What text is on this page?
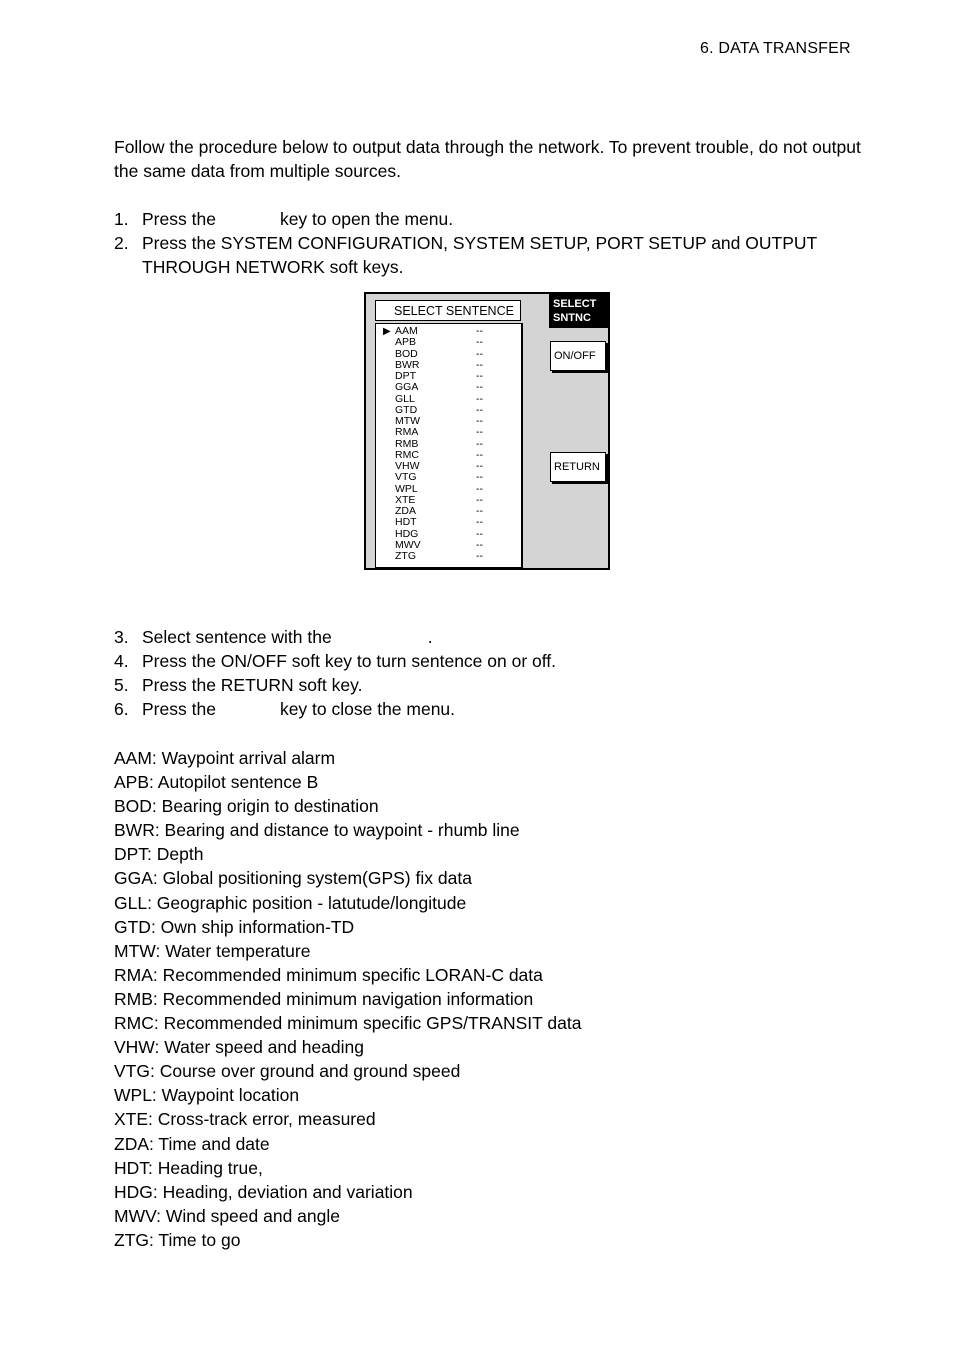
6. DATA TRANSFER
Follow the procedure below to output data through the network. To prevent trouble, do not output the same data from multiple sources.
1. Press the	key to open the menu.
2. Press the SYSTEM CONFIGURATION, SYSTEM SETUP, PORT SETUP and OUTPUT
THROUGH NETWORK soft keys.
SELECT SENTENCE
▶ AAM	--
APB	--
BOD	--
BWR	--
DPT	--
GGA	--
GLL	--
GTD	--
MTW	--
RMA	--
RMB	--
RMC	--
VHW	--
VTG	--
WPL	--
XTE	--
ZDA	--
HDT	--
HDG	--
MWV	--
ZTG	--
SELECT
SNTNC
ON/OFF
RETURN
3. Select sentence with the	.
4. Press the ON/OFF soft key to turn sentence on or off.
5. Press the RETURN soft key.
6. Press the	key to close the menu.
AAM: Waypoint arrival alarm
APB: Autopilot sentence B
BOD: Bearing origin to destination
BWR: Bearing and distance to waypoint - rhumb line
DPT: Depth
GGA: Global positioning system(GPS) fix data
GLL: Geographic position - latutude/longitude
GTD: Own ship information-TD
MTW: Water temperature
RMA: Recommended minimum specific LORAN-C data
RMB: Recommended minimum navigation information
RMC: Recommended minimum specific GPS/TRANSIT data
VHW: Water speed and heading
VTG: Course over ground and ground speed
WPL: Waypoint location
XTE: Cross-track error, measured
ZDA: Time and date
HDT: Heading true,
HDG: Heading, deviation and variation
MWV: Wind speed and angle
ZTG: Time to go
